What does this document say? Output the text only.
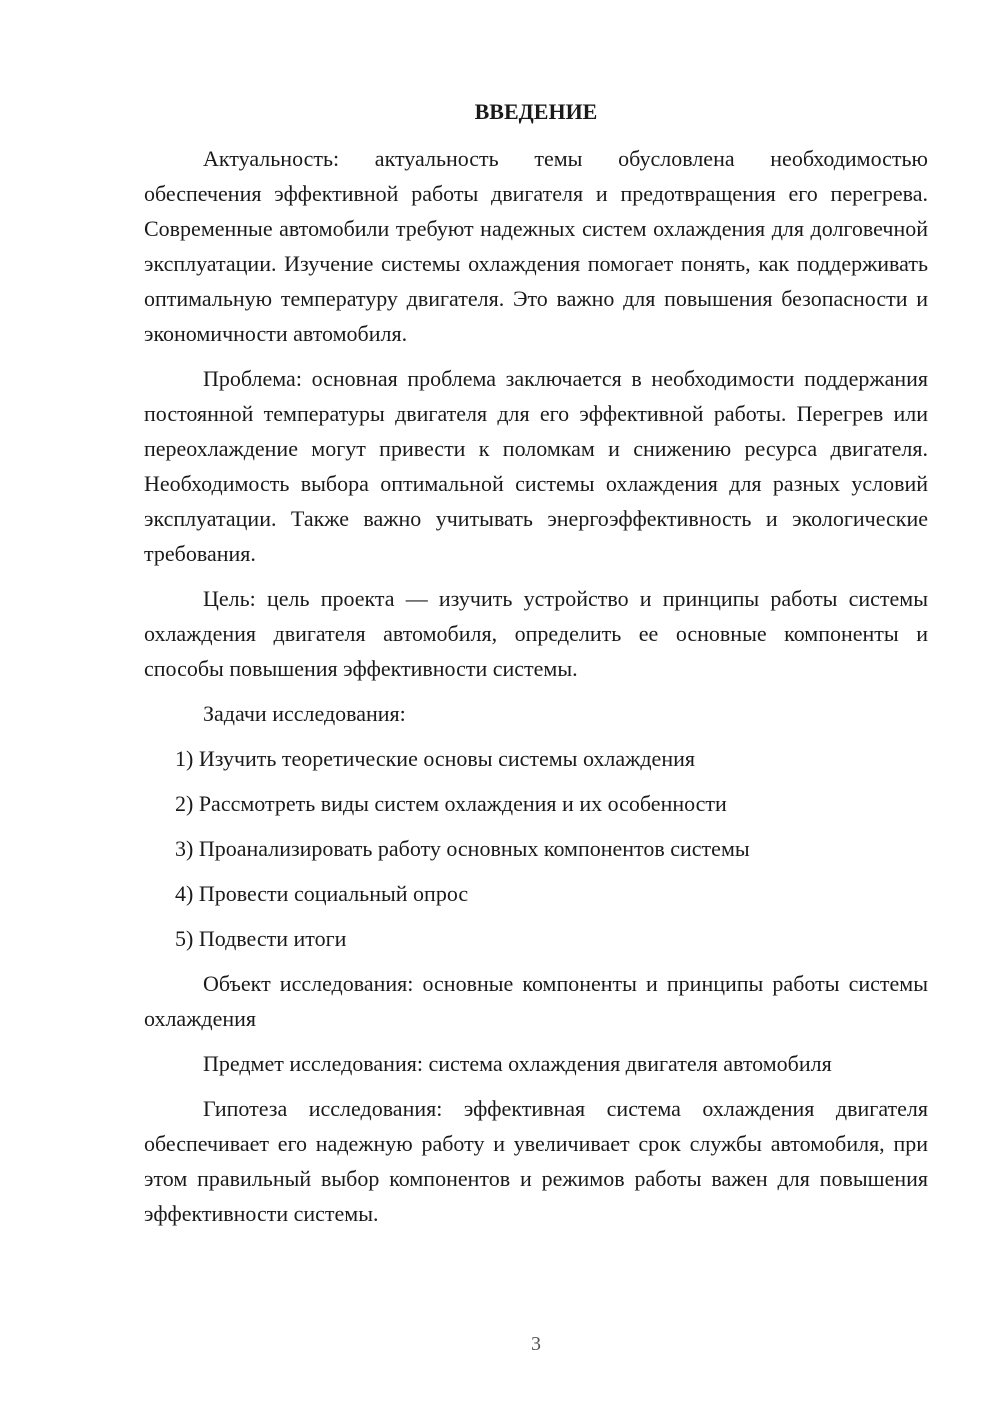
ВВЕДЕНИЕ

Актуальность: актуальность темы обусловлена необходимостью обеспечения эффективной работы двигателя и предотвращения его перегрева. Современные автомобили требуют надежных систем охлаждения для долговечной эксплуатации. Изучение системы охлаждения помогает понять, как поддерживать оптимальную температуру двигателя. Это важно для повышения безопасности и экономичности автомобиля.

Проблема: основная проблема заключается в необходимости поддержания постоянной температуры двигателя для его эффективной работы. Перегрев или переохлаждение могут привести к поломкам и снижению ресурса двигателя. Необходимость выбора оптимальной системы охлаждения для разных условий эксплуатации. Также важно учитывать энергоэффективность и экологические требования.

Цель: цель проекта — изучить устройство и принципы работы системы охлаждения двигателя автомобиля, определить ее основные компоненты и способы повышения эффективности системы.

Задачи исследования:
1) Изучить теоретические основы системы охлаждения
2) Рассмотреть виды систем охлаждения и их особенности
3) Проанализировать работу основных компонентов системы
4) Провести социальный опрос
5) Подвести итоги

Объект исследования: основные компоненты и принципы работы системы охлаждения

Предмет исследования: система охлаждения двигателя автомобиля

Гипотеза исследования: эффективная система охлаждения двигателя обеспечивает его надежную работу и увеличивает срок службы автомобиля, при этом правильный выбор компонентов и режимов работы важен для повышения эффективности системы.

3
